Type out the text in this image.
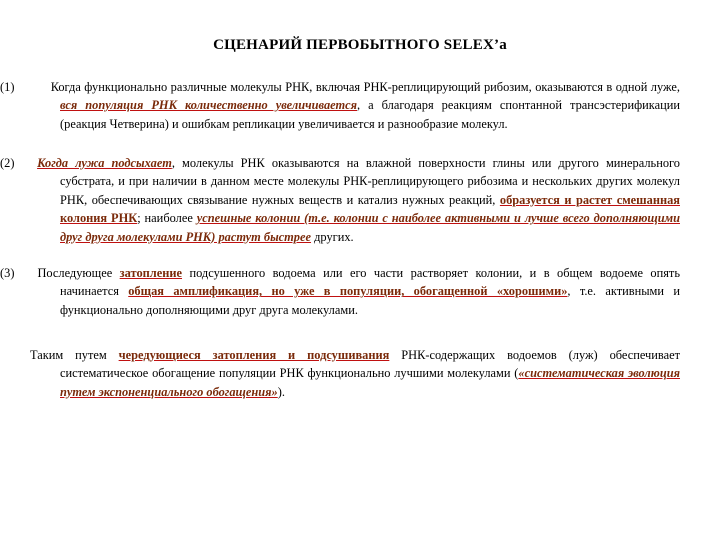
СЦЕНАРИЙ ПЕРВОБЫТНОГО SELEX’а
(1)	Когда функционально различные молекулы РНК, включая РНК-реплицирующий рибозим, оказываются в одной луже, вся популяция РНК количественно увеличивается, а благодаря реакциям спонтанной трансэстерификации (реакция Четверина) и ошибкам репликации увеличивается и разнообразие молекул.
(2) Когда лужа подсыхает, молекулы РНК оказываются на влажной поверхности глины или другого минерального субстрата, и при наличии в данном месте молекулы РНК-реплицирующего рибозима и нескольких других молекул РНК, обеспечивающих связывание нужных веществ и катализ нужных реакций, образуется и растет смешанная колония РНК; наиболее успешные колонии (т.е. колонии с наиболее активными и лучше всего дополняющими друг друга молекулами РНК) растут быстрее других.
(3) Последующее затопление подсушенного водоема или его части растворяет колонии, и в общем водоеме опять начинается общая амплификация, но уже в популяции, обогащенной «хорошими», т.е. активными и функционально дополняющими друг друга молекулами.
Таким путем чередующиеся затопления и подсушивания РНК-содержащих водоемов (луж) обеспечивает систематическое обогащение популяции РНК функционально лучшими молекулами («систематическая эволюция путем экспоненциального обогащения»).
